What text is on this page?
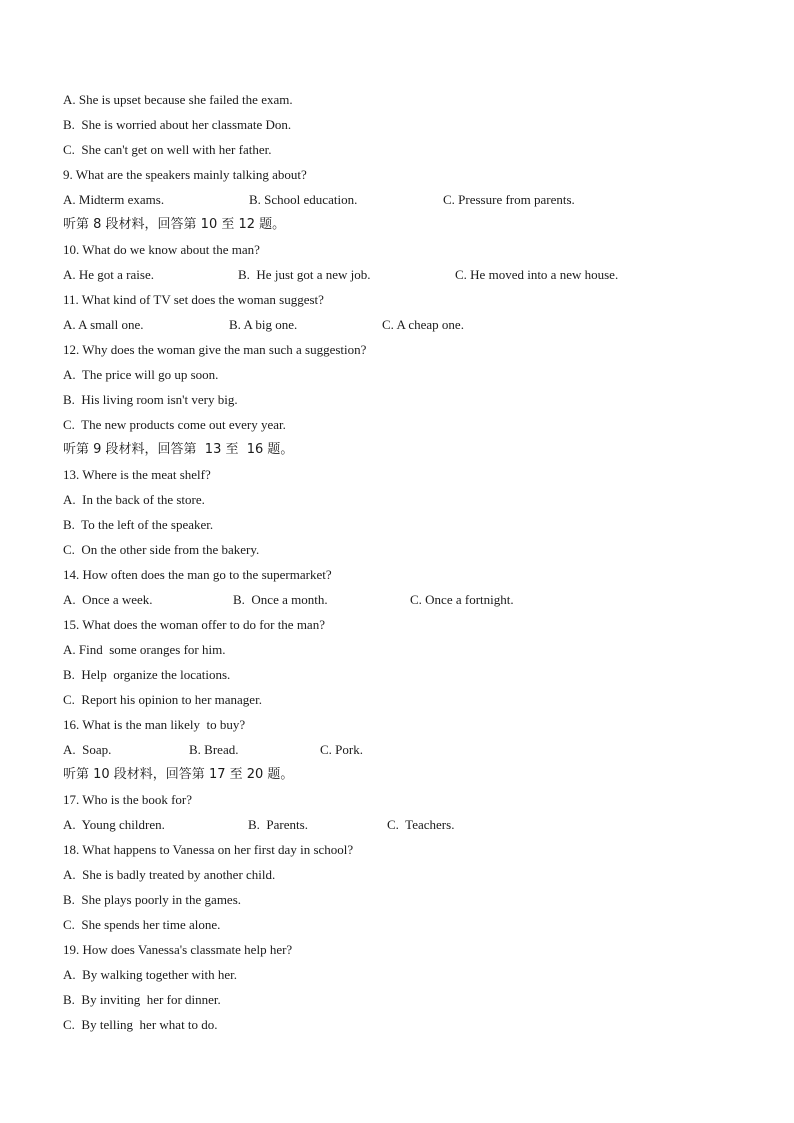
A. She is upset because she failed the exam.
B.  She is worried about her classmate Don.
C.  She can't get on well with her father.
9. What are the speakers mainly talking about?
A. Midterm exams.	B. School education.	C. Pressure from parents.
听第 8 段材料，回答第 10 至 12 题。
10. What do we know about the man?
A. He got a raise.	B.  He just got a new job.	C. He moved into a new house.
11. What kind of TV set does the woman suggest?
A. A small one.	B. A big one.	C. A cheap one.
12. Why does the woman give the man such a suggestion?
A.  The price will go up soon.
B.  His living room isn't very big.
C.  The new products come out every year.
听第 9 段材料，回答第  13 至  16 题。
13. Where is the meat shelf?
A.  In the back of the store.
B.  To the left of the speaker.
C.  On the other side from the bakery.
14. How often does the man go to the supermarket?
A.  Once a week.	B.  Once a month.	C. Once a fortnight.
15. What does the woman offer to do for the man?
A. Find  some oranges for him.
B.  Help  organize the locations.
C.  Report his opinion to her manager.
16. What is the man likely  to buy?
A.  Soap.	B. Bread.	C. Pork.
听第 10 段材料，回答第 17 至 20 题。
17. Who is the book for?
A.  Young children.	B.  Parents.	C.  Teachers.
18. What happens to Vanessa on her first day in school?
A.  She is badly treated by another child.
B.  She plays poorly in the games.
C.  She spends her time alone.
19. How does Vanessa's classmate help her?
A.  By walking together with her.
B.  By inviting  her for dinner.
C.  By telling  her what to do.
